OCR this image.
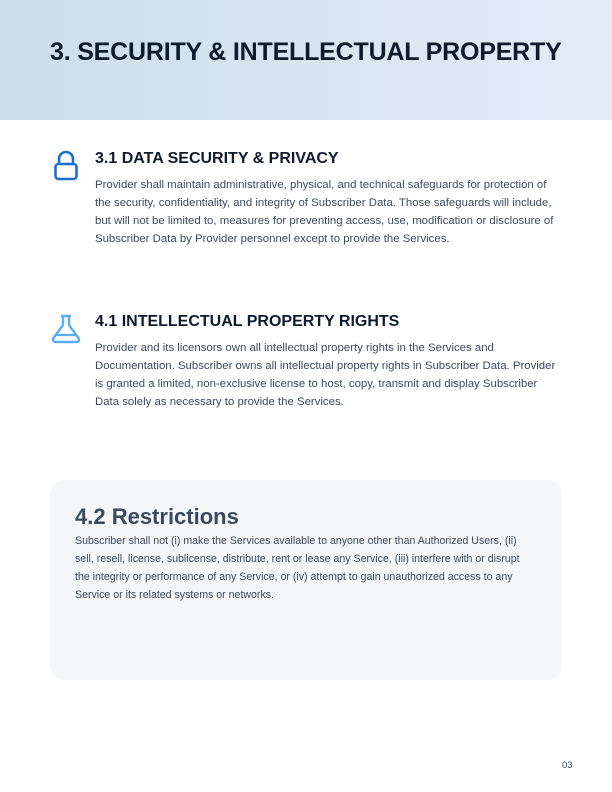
3. SECURITY & INTELLECTUAL PROPERTY
3.1 DATA SECURITY & PRIVACY

Provider shall maintain administrative, physical, and technical safeguards for protection of the security, confidentiality, and integrity of Subscriber Data. Those safeguards will include, but will not be limited to, measures for preventing access, use, modification or disclosure of Subscriber Data by Provider personnel except to provide the Services.

4.1 INTELLECTUAL PROPERTY RIGHTS

Provider and its licensors own all intellectual property rights in the Services and Documentation. Subscriber owns all intellectual property rights in Subscriber Data. Provider is granted a limited, non-exclusive license to host, copy, transmit and display Subscriber Data solely as necessary to provide the Services.

4.2 Restrictions

Subscriber shall not (i) make the Services available to anyone other than Authorized Users, (ii) sell, resell, license, sublicense, distribute, rent or lease any Service, (iii) interfere with or disrupt the integrity or performance of any Service, or (iv) attempt to gain unauthorized access to any Service or its related systems or networks.

03
